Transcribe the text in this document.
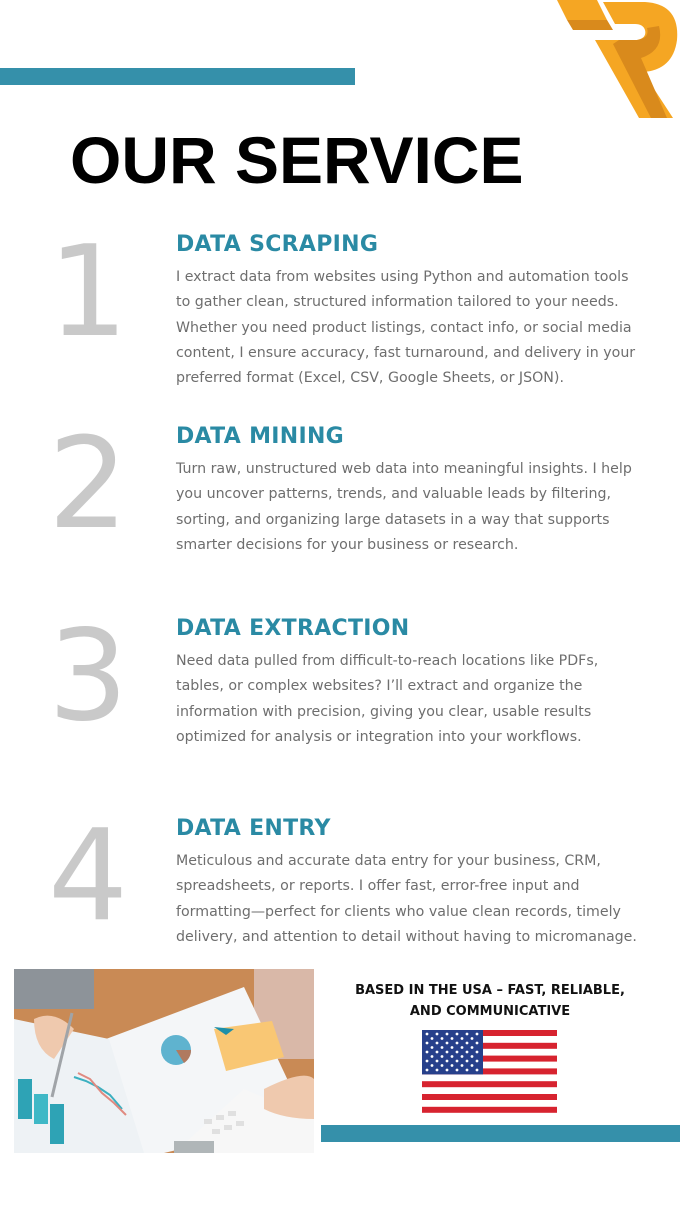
OUR SERVICE
1 DATA SCRAPING
I extract data from websites using Python and automation tools to gather clean, structured information tailored to your needs. Whether you need product listings, contact info, or social media content, I ensure accuracy, fast turnaround, and delivery in your preferred format (Excel, CSV, Google Sheets, or JSON).
2 DATA MINING
Turn raw, unstructured web data into meaningful insights. I help you uncover patterns, trends, and valuable leads by filtering, sorting, and organizing large datasets in a way that supports smarter decisions for your business or research.
3 DATA EXTRACTION
Need data pulled from difficult-to-reach locations like PDFs, tables, or complex websites? I’ll extract and organize the information with precision, giving you clear, usable results optimized for analysis or integration into your workflows.
4 DATA ENTRY
Meticulous and accurate data entry for your business, CRM, spreadsheets, or reports. I offer fast, error-free input and formatting—perfect for clients who value clean records, timely delivery, and attention to detail without having to micromanage.
BASED IN THE USA – FAST, RELIABLE,
AND COMMUNICATIVE
